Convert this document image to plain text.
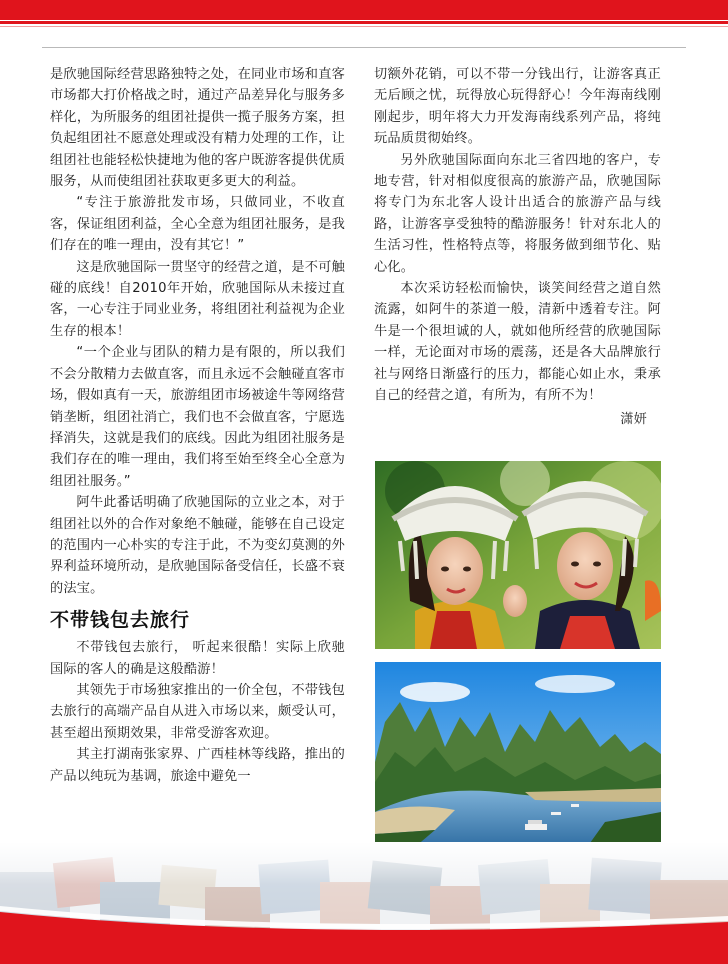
是欣驰国际经营思路独特之处，在同业市场和直客市场都大打价格战之时，通过产品差异化与服务多样化，为所服务的组团社提供一揽子服务方案，担负起组团社不愿意处理或没有精力处理的工作，让组团社也能轻松快捷地为他的客户既游客提供优质服务，从而使组团社获取更多更大的利益。

“专注于旅游批发市场，只做同业，不收直客，保证组团利益，全心全意为组团社服务，是我们存在的唯一理由，没有其它！”

这是欣驰国际一贯坚守的经营之道，是不可触碰的底线！自2010年开始，欣驰国际从未接过直客，一心专注于同业业务，将组团社利益视为企业生存的根本！

“一个企业与团队的精力是有限的，所以我们不会分散精力去做直客，而且永远不会触碰直客市场，假如真有一天，旅游组团市场被途牛等网络营销垄断，组团社消亡，我们也不会做直客，宁愿选择消失，这就是我们的底线。因此为组团社服务是我们存在的唯一理由，我们将至始至终全心全意为组团社服务。”

阿牛此番话明确了欣驰国际的立业之本，对于组团社以外的合作对象绝不触碰，能够在自己设定的范围内一心朴实的专注于此，不为变幻莫测的外界利益环境所动，是欣驰国际备受信任，长盛不衰的法宝。

不带钱包去旅行

不带钱包去旅行， 听起来很酷！实际上欣驰国际的客人的确是这般酷游！

其领先于市场独家推出的一价全包，不带钱包去旅行的高端产品自从进入市场以来，颇受认可，甚至超出预期效果，非常受游客欢迎。

其主打湖南张家界、广西桂林等线路，推出的产品以纯玩为基调，旅途中避免一

切额外花销，可以不带一分钱出行，让游客真正无后顾之忧，玩得放心玩得舒心！今年海南线刚刚起步，明年将大力开发海南线系列产品，将纯玩品质贯彻始终。

另外欣驰国际面向东北三省四地的客户，专地专营，针对相似度很高的旅游产品，欣驰国际将专门为东北客人设计出适合的旅游产品与线路，让游客享受独特的酷游服务！针对东北人的生活习性，性格特点等，将服务做到细节化、贴心化。

本次采访轻松而愉快，谈笑间经营之道自然流露，如阿牛的茶道一般，清新中透着专注。阿牛是一个很坦诚的人，就如他所经营的欣驰国际一样，无论面对市场的震荡，还是各大品牌旅行社与网络日渐盛行的压力，都能心如止水，秉承自己的经营之道，有所为，有所不为！

潇妍
